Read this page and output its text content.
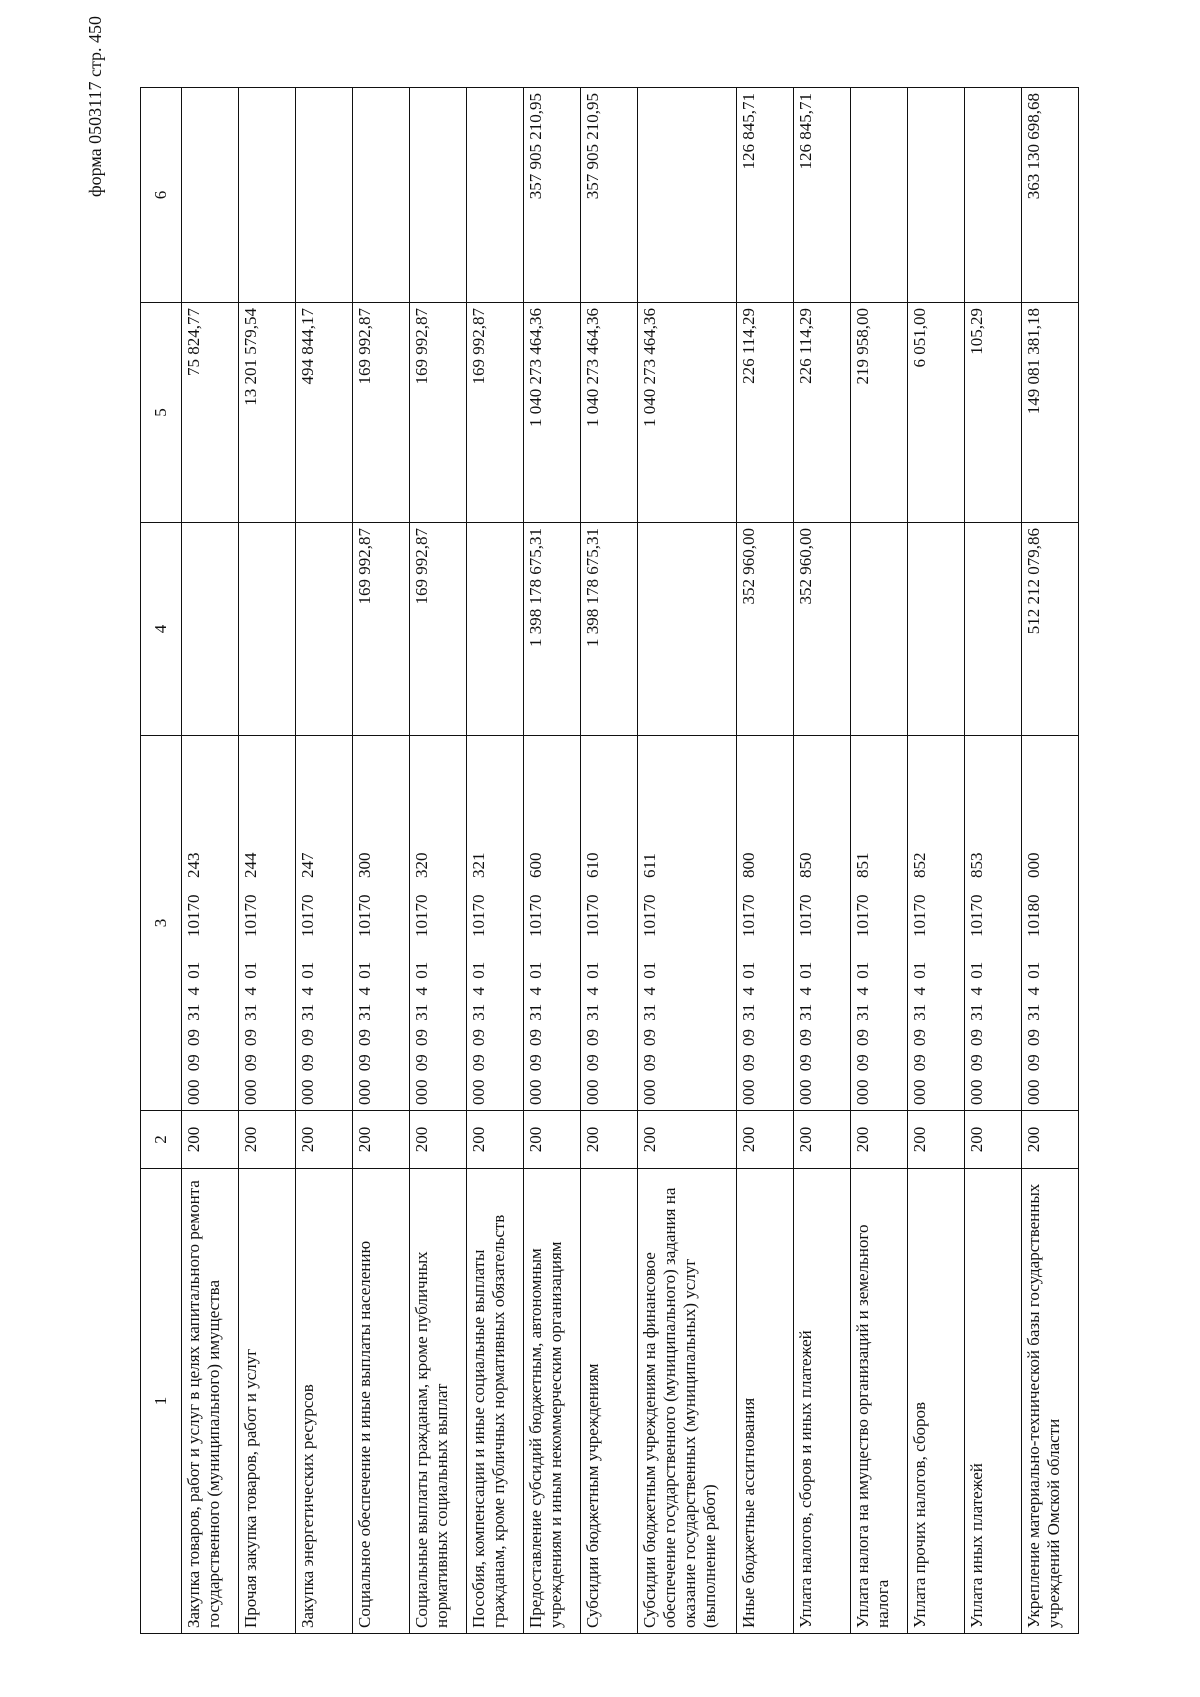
форма 0503117 стр. 450
1	2	3	4	5	6
Закупка товаров, работ и услуг в целях капитального ремонта государственного (муниципального) имущества	200	000 09 09 31 4 01   10170  243		75 824,77	
Прочая закупка товаров, работ и услуг	200	000 09 09 31 4 01   10170  244		13 201 579,54	
Закупка энергетических ресурсов	200	000 09 09 31 4 01   10170  247		494 844,17	
Социальное обеспечение и иные выплаты населению	200	000 09 09 31 4 01   10170  300	169 992,87	169 992,87	
Социальные выплаты гражданам, кроме публичных нормативных социальных выплат	200	000 09 09 31 4 01   10170  320	169 992,87	169 992,87	
Пособия, компенсации и иные социальные выплаты гражданам, кроме публичных нормативных обязательств	200	000 09 09 31 4 01   10170  321		169 992,87	
Предоставление субсидий бюджетным, автономным учреждениям и иным некоммерческим организациям	200	000 09 09 31 4 01   10170  600	1 398 178 675,31	1 040 273 464,36	357 905 210,95
Субсидии бюджетным учреждениям	200	000 09 09 31 4 01   10170  610	1 398 178 675,31	1 040 273 464,36	357 905 210,95
Субсидии бюджетным учреждениям на финансовое обеспечение государственного (муниципального) задания на оказание государственных (муниципальных) услуг (выполнение работ)	200	000 09 09 31 4 01   10170  611		1 040 273 464,36	
Иные бюджетные ассигнования	200	000 09 09 31 4 01   10170  800	352 960,00	226 114,29	126 845,71
Уплата налогов, сборов и иных платежей	200	000 09 09 31 4 01   10170  850	352 960,00	226 114,29	126 845,71
Уплата налога на имущество организаций и земельного налога	200	000 09 09 31 4 01   10170  851		219 958,00	
Уплата прочих налогов, сборов	200	000 09 09 31 4 01   10170  852		6 051,00	
Уплата иных платежей	200	000 09 09 31 4 01   10170  853		105,29	
Укрепление материально-технической базы государственных учреждений Омской области	200	000 09 09 31 4 01   10180  000	512 212 079,86	149 081 381,18	363 130 698,68
